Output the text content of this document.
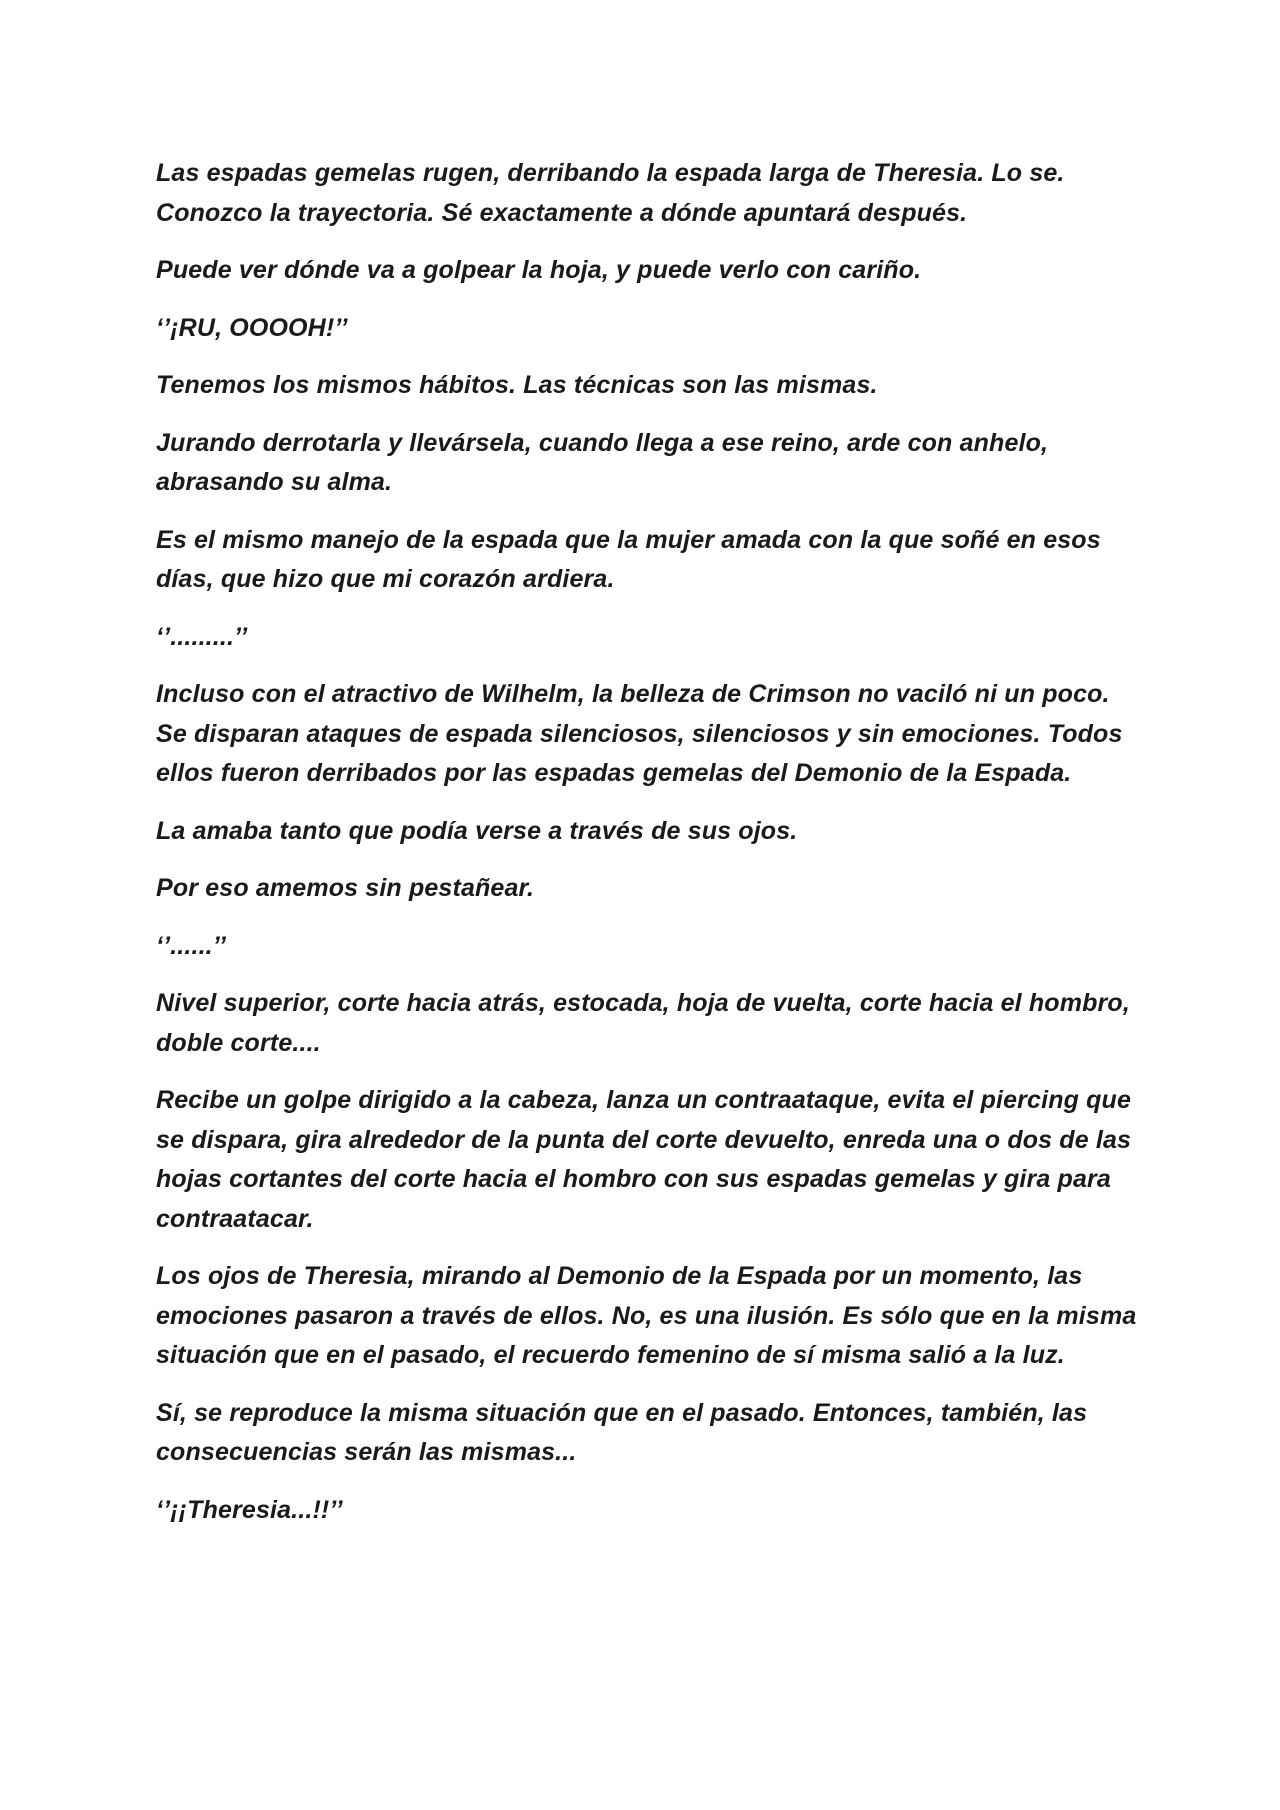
Las espadas gemelas rugen, derribando la espada larga de Theresia. Lo se. Conozco la trayectoria. Sé exactamente a dónde apuntará después.

Puede ver dónde va a golpear la hoja, y puede verlo con cariño.

‘’¡RU, OOOOH!’’

Tenemos los mismos hábitos. Las técnicas son las mismas.

Jurando derrotarla y llevársela, cuando llega a ese reino, arde con anhelo, abrasando su alma.

Es el mismo manejo de la espada que la mujer amada con la que soñé en esos días, que hizo que mi corazón ardiera.

‘’.........’’

Incluso con el atractivo de Wilhelm, la belleza de Crimson no vaciló ni un poco. Se disparan ataques de espada silenciosos, silenciosos y sin emociones. Todos ellos fueron derribados por las espadas gemelas del Demonio de la Espada.

La amaba tanto que podía verse a través de sus ojos.

Por eso amemos sin pestañear.

‘’......’’

Nivel superior, corte hacia atrás, estocada, hoja de vuelta, corte hacia el hombro, doble corte....

Recibe un golpe dirigido a la cabeza, lanza un contraataque, evita el piercing que se dispara, gira alrededor de la punta del corte devuelto, enreda una o dos de las hojas cortantes del corte hacia el hombro con sus espadas gemelas y gira para contraatacar.

Los ojos de Theresia, mirando al Demonio de la Espada por un momento, las emociones pasaron a través de ellos. No, es una ilusión. Es sólo que en la misma situación que en el pasado, el recuerdo femenino de sí misma salió a la luz.

Sí, se reproduce la misma situación que en el pasado. Entonces, también, las consecuencias serán las mismas...

‘’¡¡Theresia...!!’’
